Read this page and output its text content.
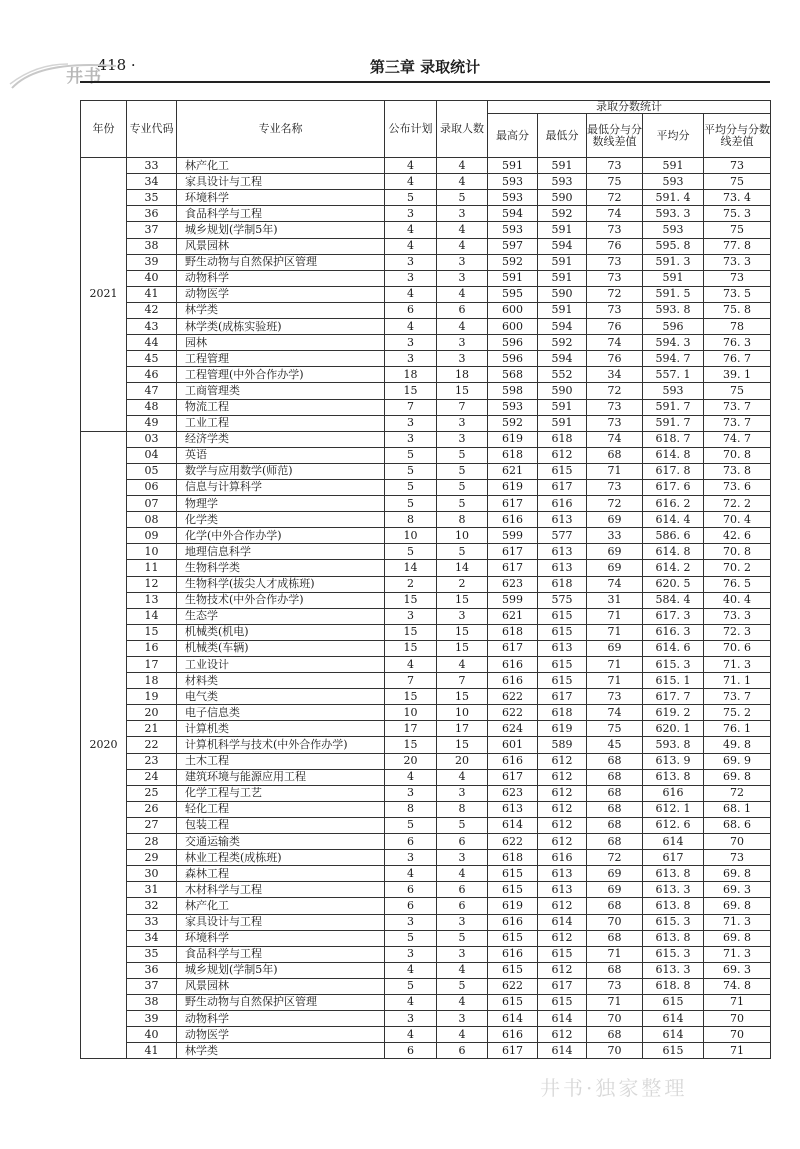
· 418 ·	第三章 录取统计
井书
年份	专业代码	专业名称	公布计划	录取人数	录取分数统计				
					最高分	最低分	最低分与分数线差值	平均分	平均分与分数线差值
2021	33	林产化工	4	4	591	591	73	591	73
	34	家具设计与工程	4	4	593	593	75	593	75
	35	环境科学	5	5	593	590	72	591. 4	73. 4
	36	食品科学与工程	3	3	594	592	74	593. 3	75. 3
	37	城乡规划(学制5年)	4	4	593	591	73	593	75
	38	风景园林	4	4	597	594	76	595. 8	77. 8
	39	野生动物与自然保护区管理	3	3	592	591	73	591. 3	73. 3
	40	动物科学	3	3	591	591	73	591	73
	41	动物医学	4	4	595	590	72	591. 5	73. 5
	42	林学类	6	6	600	591	73	593. 8	75. 8
	43	林学类(成栋实验班)	4	4	600	594	76	596	78
	44	园林	3	3	596	592	74	594. 3	76. 3
	45	工程管理	3	3	596	594	76	594. 7	76. 7
	46	工程管理(中外合作办学)	18	18	568	552	34	557. 1	39. 1
	47	工商管理类	15	15	598	590	72	593	75
	48	物流工程	7	7	593	591	73	591. 7	73. 7
	49	工业工程	3	3	592	591	73	591. 7	73. 7
2020	03	经济学类	3	3	619	618	74	618. 7	74. 7
	04	英语	5	5	618	612	68	614. 8	70. 8
	05	数学与应用数学(师范)	5	5	621	615	71	617. 8	73. 8
	06	信息与计算科学	5	5	619	617	73	617. 6	73. 6
	07	物理学	5	5	617	616	72	616. 2	72. 2
	08	化学类	8	8	616	613	69	614. 4	70. 4
	09	化学(中外合作办学)	10	10	599	577	33	586. 6	42. 6
	10	地理信息科学	5	5	617	613	69	614. 8	70. 8
	11	生物科学类	14	14	617	613	69	614. 2	70. 2
	12	生物科学(拔尖人才成栋班)	2	2	623	618	74	620. 5	76. 5
	13	生物技术(中外合作办学)	15	15	599	575	31	584. 4	40. 4
	14	生态学	3	3	621	615	71	617. 3	73. 3
	15	机械类(机电)	15	15	618	615	71	616. 3	72. 3
	16	机械类(车辆)	15	15	617	613	69	614. 6	70. 6
	17	工业设计	4	4	616	615	71	615. 3	71. 3
	18	材料类	7	7	616	615	71	615. 1	71. 1
	19	电气类	15	15	622	617	73	617. 7	73. 7
	20	电子信息类	10	10	622	618	74	619. 2	75. 2
	21	计算机类	17	17	624	619	75	620. 1	76. 1
	22	计算机科学与技术(中外合作办学)	15	15	601	589	45	593. 8	49. 8
	23	土木工程	20	20	616	612	68	613. 9	69. 9
	24	建筑环境与能源应用工程	4	4	617	612	68	613. 8	69. 8
	25	化学工程与工艺	3	3	623	612	68	616	72
	26	轻化工程	8	8	613	612	68	612. 1	68. 1
	27	包装工程	5	5	614	612	68	612. 6	68. 6
	28	交通运输类	6	6	622	612	68	614	70
	29	林业工程类(成栋班)	3	3	618	616	72	617	73
	30	森林工程	4	4	615	613	69	613. 8	69. 8
	31	木材科学与工程	6	6	615	613	69	613. 3	69. 3
	32	林产化工	6	6	619	612	68	613. 8	69. 8
	33	家具设计与工程	3	3	616	614	70	615. 3	71. 3
	34	环境科学	5	5	615	612	68	613. 8	69. 8
	35	食品科学与工程	3	3	616	615	71	615. 3	71. 3
	36	城乡规划(学制5年)	4	4	615	612	68	613. 3	69. 3
	37	风景园林	5	5	622	617	73	618. 8	74. 8
	38	野生动物与自然保护区管理	4	4	615	615	71	615	71
	39	动物科学	3	3	614	614	70	614	70
	40	动物医学	4	4	616	612	68	614	70
	41	林学类	6	6	617	614	70	615	71
井书·独家整理
